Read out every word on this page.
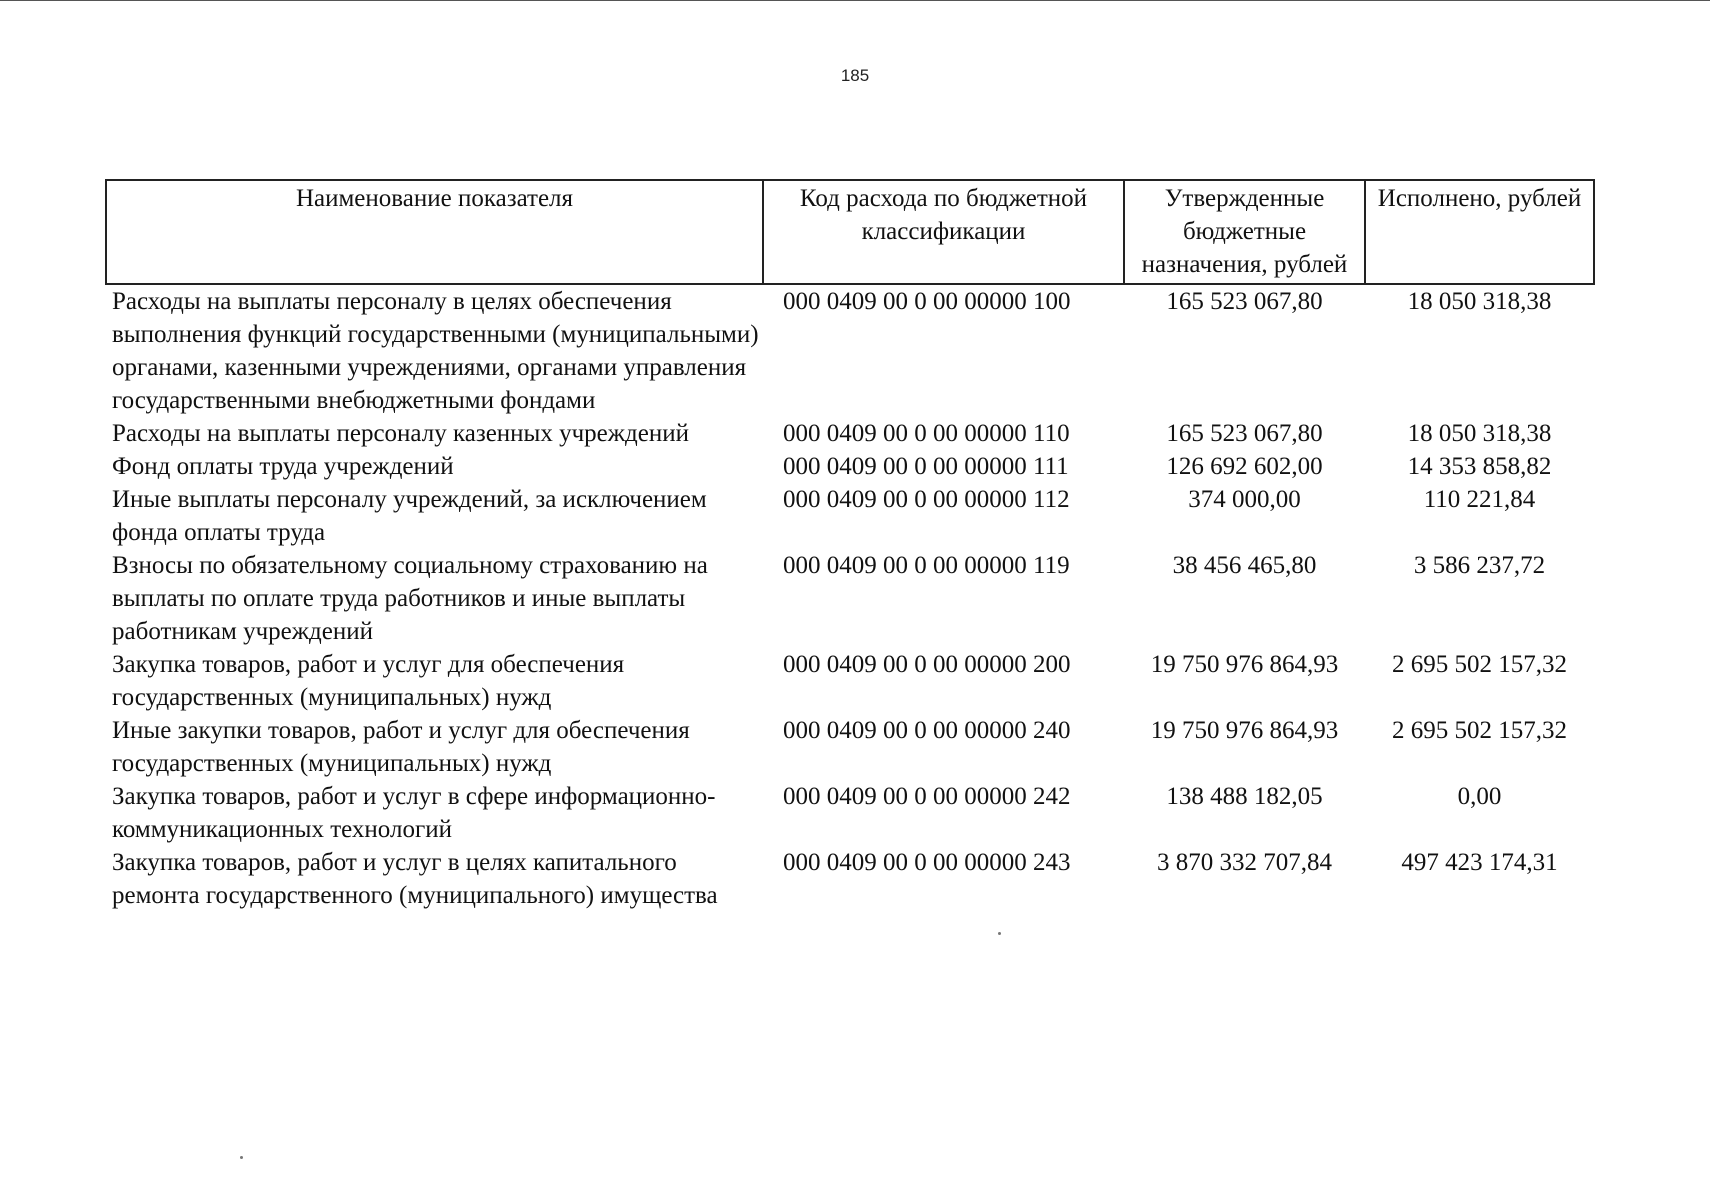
185
Наименование показателя	Код расхода по бюджетной классификации	Утвержденные бюджетные назначения, рублей	Исполнено, рублей
Расходы на выплаты персоналу в целях обеспечения выполнения функций государственными (муниципальными) органами, казенными учреждениями, органами управления государственными внебюджетными фондами	000 0409 00 0 00 00000 100	165 523 067,80	18 050 318,38
Расходы на выплаты персоналу казенных учреждений	000 0409 00 0 00 00000 110	165 523 067,80	18 050 318,38
Фонд оплаты труда учреждений	000 0409 00 0 00 00000 111	126 692 602,00	14 353 858,82
Иные выплаты персоналу учреждений, за исключением фонда оплаты труда	000 0409 00 0 00 00000 112	374 000,00	110 221,84
Взносы по обязательному социальному страхованию на выплаты по оплате труда работников и иные выплаты работникам учреждений	000 0409 00 0 00 00000 119	38 456 465,80	3 586 237,72
Закупка товаров, работ и услуг для обеспечения государственных (муниципальных) нужд	000 0409 00 0 00 00000 200	19 750 976 864,93	2 695 502 157,32
Иные закупки товаров, работ и услуг для обеспечения государственных (муниципальных) нужд	000 0409 00 0 00 00000 240	19 750 976 864,93	2 695 502 157,32
Закупка товаров, работ и услуг в сфере информационно-коммуникационных технологий	000 0409 00 0 00 00000 242	138 488 182,05	0,00
Закупка товаров, работ и услуг в целях капитального ремонта государственного (муниципального) имущества	000 0409 00 0 00 00000 243	3 870 332 707,84	497 423 174,31
